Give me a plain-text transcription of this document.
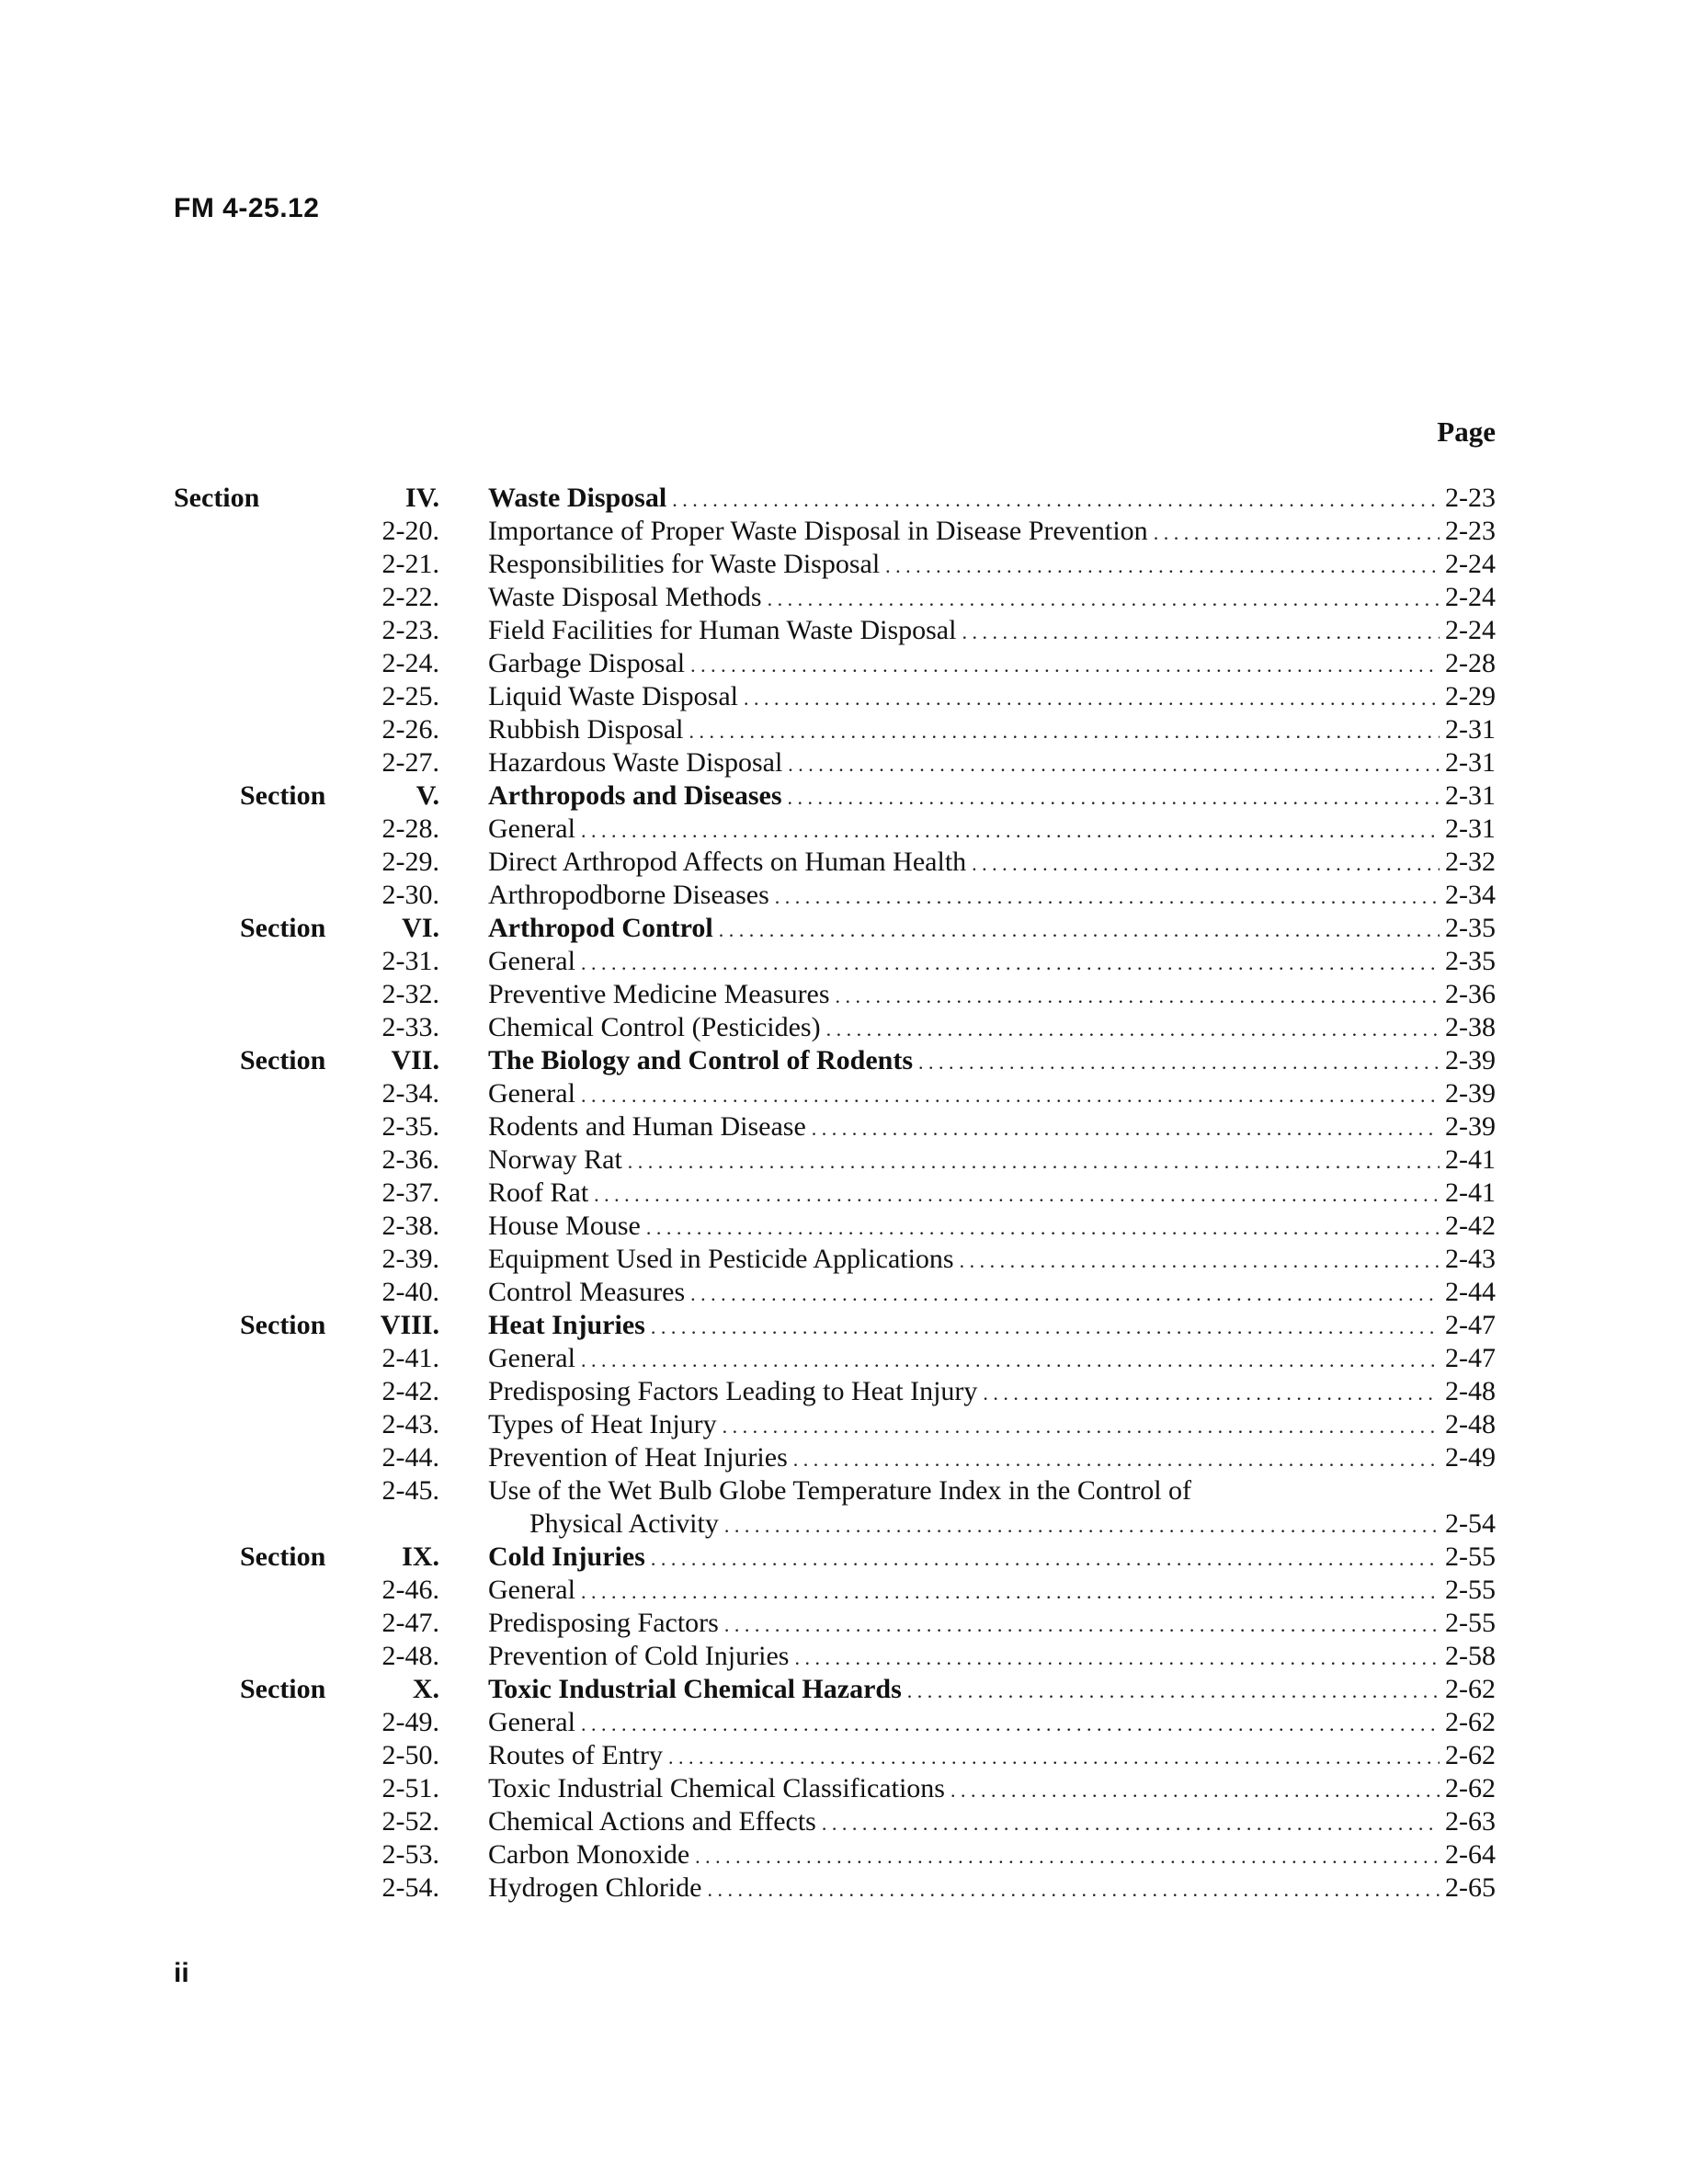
FM 4-25.12
Page
Section	IV. Waste Disposal . . .	2-23
2-20. Importance of Proper Waste Disposal in Disease Prevention . . .	2-23
2-21. Responsibilities for Waste Disposal . . .	2-24
2-22. Waste Disposal Methods . . .	2-24
2-23. Field Facilities for Human Waste Disposal . . .	2-24
2-24. Garbage Disposal . . .	2-28
2-25. Liquid Waste Disposal . . .	2-29
2-26. Rubbish Disposal . . .	2-31
2-27. Hazardous Waste Disposal . . .	2-31
Section	V. Arthropods and Diseases . . .	2-31
2-28. General . . .	2-31
2-29. Direct Arthropod Affects on Human Health . . .	2-32
2-30. Arthropodborne Diseases . . .	2-34
Section	VI. Arthropod Control . . .	2-35
2-31. General . . .	2-35
2-32. Preventive Medicine Measures . . .	2-36
2-33. Chemical Control (Pesticides) . . .	2-38
Section VII. The Biology and Control of Rodents . . .	2-39
2-34. General . . .	2-39
2-35. Rodents and Human Disease . . .	2-39
2-36. Norway Rat . . .	2-41
2-37. Roof Rat . . .	2-41
2-38. House Mouse . . .	2-42
2-39. Equipment Used in Pesticide Applications . . .	2-43
2-40. Control Measures . . .	2-44
Section VIII. Heat Injuries . . .	2-47
2-41. General . . .	2-47
2-42. Predisposing Factors Leading to Heat Injury . . .	2-48
2-43. Types of Heat Injury . . .	2-48
2-44. Prevention of Heat Injuries . . .	2-49
2-45. Use of the Wet Bulb Globe Temperature Index in the Control of
Physical Activity . . .	2-54
Section	IX. Cold Injuries . . .	2-55
2-46. General . . .	2-55
2-47. Predisposing Factors . . .	2-55
2-48. Prevention of Cold Injuries . . .	2-58
Section	X. Toxic Industrial Chemical Hazards . . .	2-62
2-49. General . . .	2-62
2-50. Routes of Entry . . .	2-62
2-51. Toxic Industrial Chemical Classifications . . .	2-62
2-52. Chemical Actions and Effects . . .	2-63
2-53. Carbon Monoxide . . .	2-64
2-54. Hydrogen Chloride . . .	2-65
ii
